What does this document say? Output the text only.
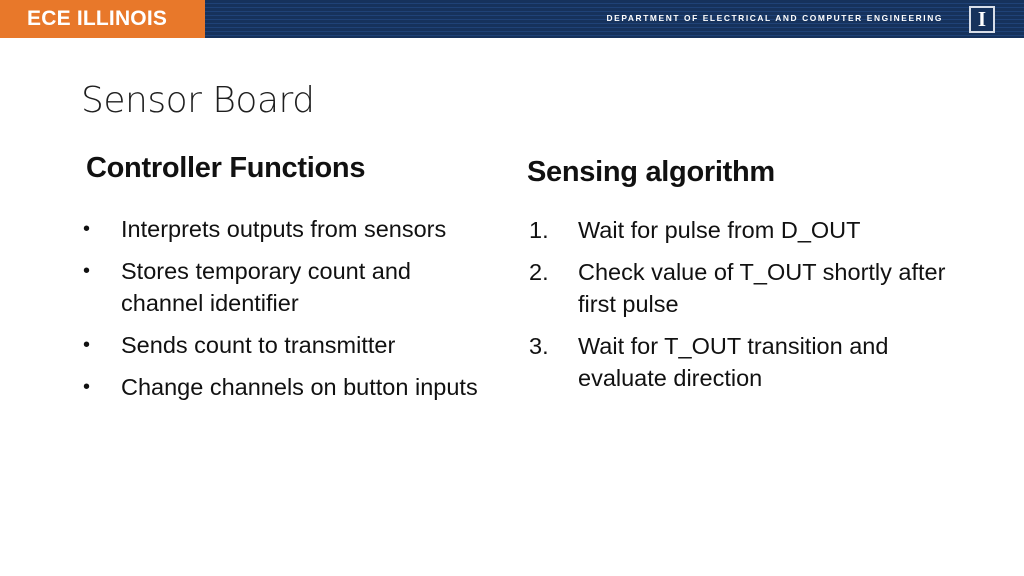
ECE ILLINOIS	DEPARTMENT OF ELECTRICAL AND COMPUTER ENGINEERING I
Sensor Board
Controller Functions	Sensing algorithm
•	Interprets outputs from sensors
•	Stores temporary count and channel identifier
•	Sends count to transmitter
•	Change channels on button inputs
1.	Wait for pulse from D_OUT
2.	Check value of T_OUT shortly after first pulse
3.	Wait for T_OUT transition and evaluate direction
